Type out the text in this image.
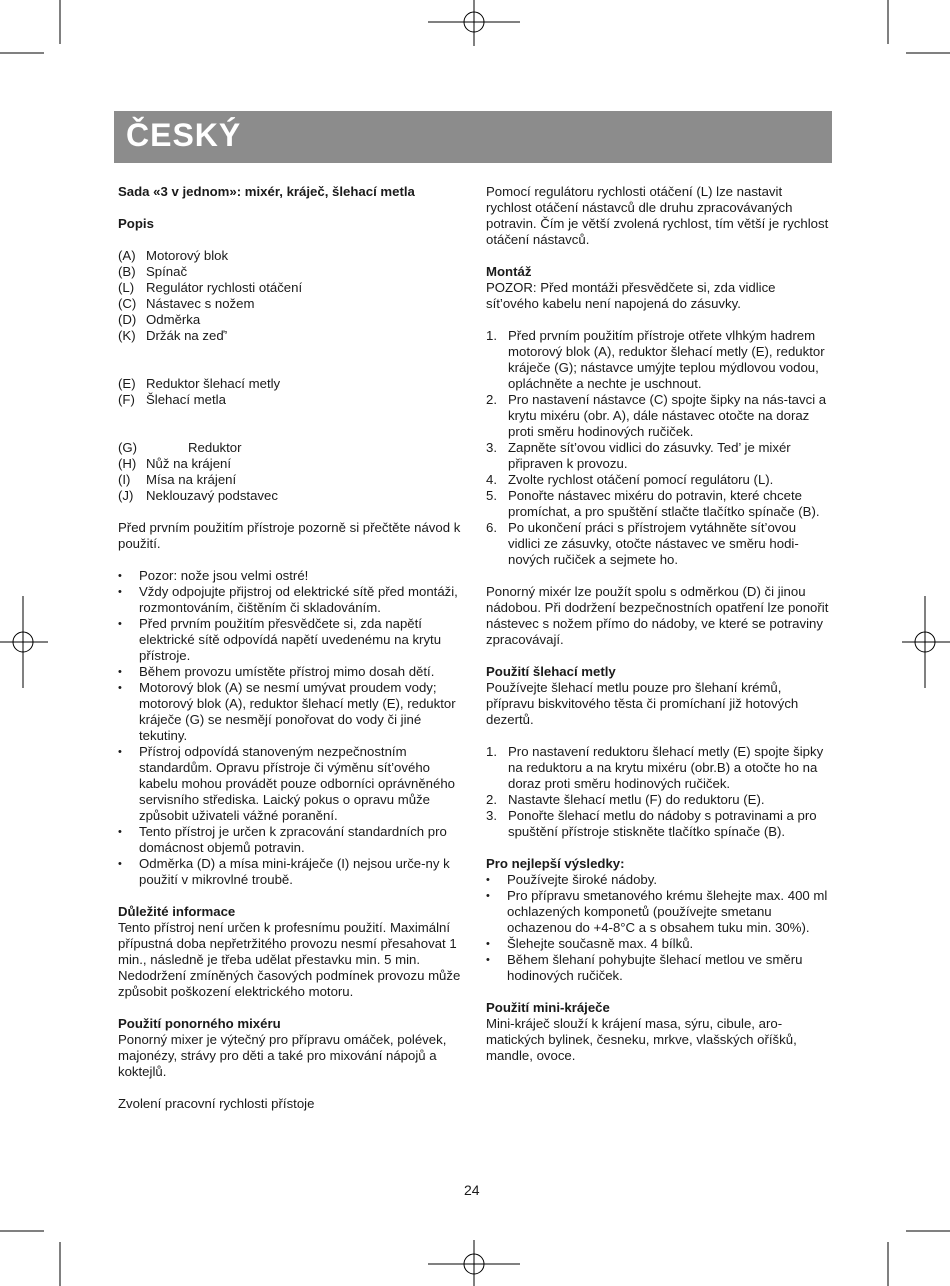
ČESKÝ

Sada «3 v jednom»: mixér, kráječ, šlehací metla

Popis

(A) Motorový blok
(B) Spínač
(L) Regulátor rychlosti otáčení
(C) Nástavec s nožem
(D) Odměrka
(K) Držák na zeď’
(E) Reduktor šlehací metly
(F) Šlehací metla
(G)	Reduktor
(H) Nůž na krájení
(I)	Mísa na krájení
(J) Neklouzavý podstavec

Před prvním použitím přístroje pozorně si přečtěte návod k použití.

• Pozor: nože jsou velmi ostré!
• Vždy odpojujte přijstroj od elektrické sítě před montáži, rozmontováním, čištěním či skladováním.
• Před prvním použitím přesvědčete si, zda napětí elektrické sítě odpovídá napětí uvedenému na krytu přístroje.
• Během provozu umístěte přístroj mimo dosah dětí.
• Motorový blok (A) se nesmí umývat proudem vody; motorový blok (A), reduktor šlehací metly (E), reduktor kráječe (G) se nesmějí ponořovat do vody či jiné tekutiny.
• Přístroj odpovídá stanoveným nezpečnostním standardům. Opravu přístroje či výměnu sít’ového kabelu mohou provádět pouze odborníci oprávněného servisního střediska. Laický pokus o opravu může způsobit uživateli vážné poranění.
• Tento přístroj je určen k zpracování standardních pro domácnost objemů potravin.
• Odměrka (D) a mísa mini-kráječe (I) nejsou urče-ny k použití v mikrovlné troubě.

Důležité informace

Tento přístroj není určen k profesnímu použití. Maximální přípustná doba nepřetržitého provozu nesmí přesahovat 1 min., následně je třeba udělat přestavku min. 5 min. Nedodržení zmíněných časových podmínek provozu může způsobit poškození elektrického motoru.

Použití ponorného mixéru

Ponorný mixer je výtečný pro přípravu omáček, polévek, majonézy, strávy pro děti a také pro mixování nápojů a koktejlů.

Zvolení pracovní rychlosti přístoje

Pomocí regulátoru rychlosti otáčení (L) lze nastavit rychlost otáčení nástavců dle druhu zpracovávaných potravin. Čím je větší zvolená rychlost, tím větší je rychlost otáčení nástavců.

Montáž

POZOR: Před montáži přesvědčete si, zda vidlice sít’ového kabelu není napojená do zásuvky.

1. Před prvním použitím přístroje otřete vlhkým hadrem motorový blok (A), reduktor šlehací metly (E), reduktor kráječe (G); nástavce umýjte teplou mýdlovou vodou, opláchněte a nechte je uschnout.
2. Pro nastavení nástavce (C) spojte šipky na nás-tavci a krytu mixéru (obr. A), dále nástavec otočte na doraz proti směru hodinových ručiček.
3. Zapněte sít’ovou vidlici do zásuvky. Ted’ je mixér připraven k provozu.
4. Zvolte rychlost otáčení pomocí regulátoru (L).
5. Ponořte nástavec mixéru do potravin, které chcete promíchat, a pro spuštění stlačte tlačítko spínače (B).
6. Po ukončení práci s přístrojem vytáhněte sít’ovou vidlici ze zásuvky, otočte nástavec ve směru hodi-nových ručiček a sejmete ho.

Ponorný mixér lze použít spolu s odměrkou (D) či jinou nádobou. Při dodržení bezpečnostních opatření lze ponořit nástevec s nožem přímo do nádoby, ve které se potraviny zpracovávají.

Použití šlehací metly

Používejte šlehací metlu pouze pro šlehaní krémů, přípravu biskvitového těsta či promíchaní již hotových dezertů.

1. Pro nastavení reduktoru šlehací metly (E) spojte šipky na reduktoru a na krytu mixéru (obr.B) a otočte ho na doraz proti směru hodinových ručiček.
2. Nastavte šlehací metlu (F) do reduktoru (E).
3. Ponořte šlehací metlu do nádoby s potravinami a pro spuštění přístroje stiskněte tlačítko spínače (B).

Pro nejlepší výsledky:

• Používejte široké nádoby.
• Pro přípravu smetanového krému šlehejte max. 400 ml ochlazených komponetů (používejte smetanu ochazenou do +4-8°C a s obsahem tuku min. 30%).
• Šlehejte současně max. 4 bílků.
• Během šlehaní pohybujte šlehací metlou ve směru hodinových ručiček.

Použití mini-kráječe

Mini-kráječ slouží k krájení masa, sýru, cibule, aro-matických bylinek, česneku, mrkve, vlašských oříšků, mandle, ovoce.

24
